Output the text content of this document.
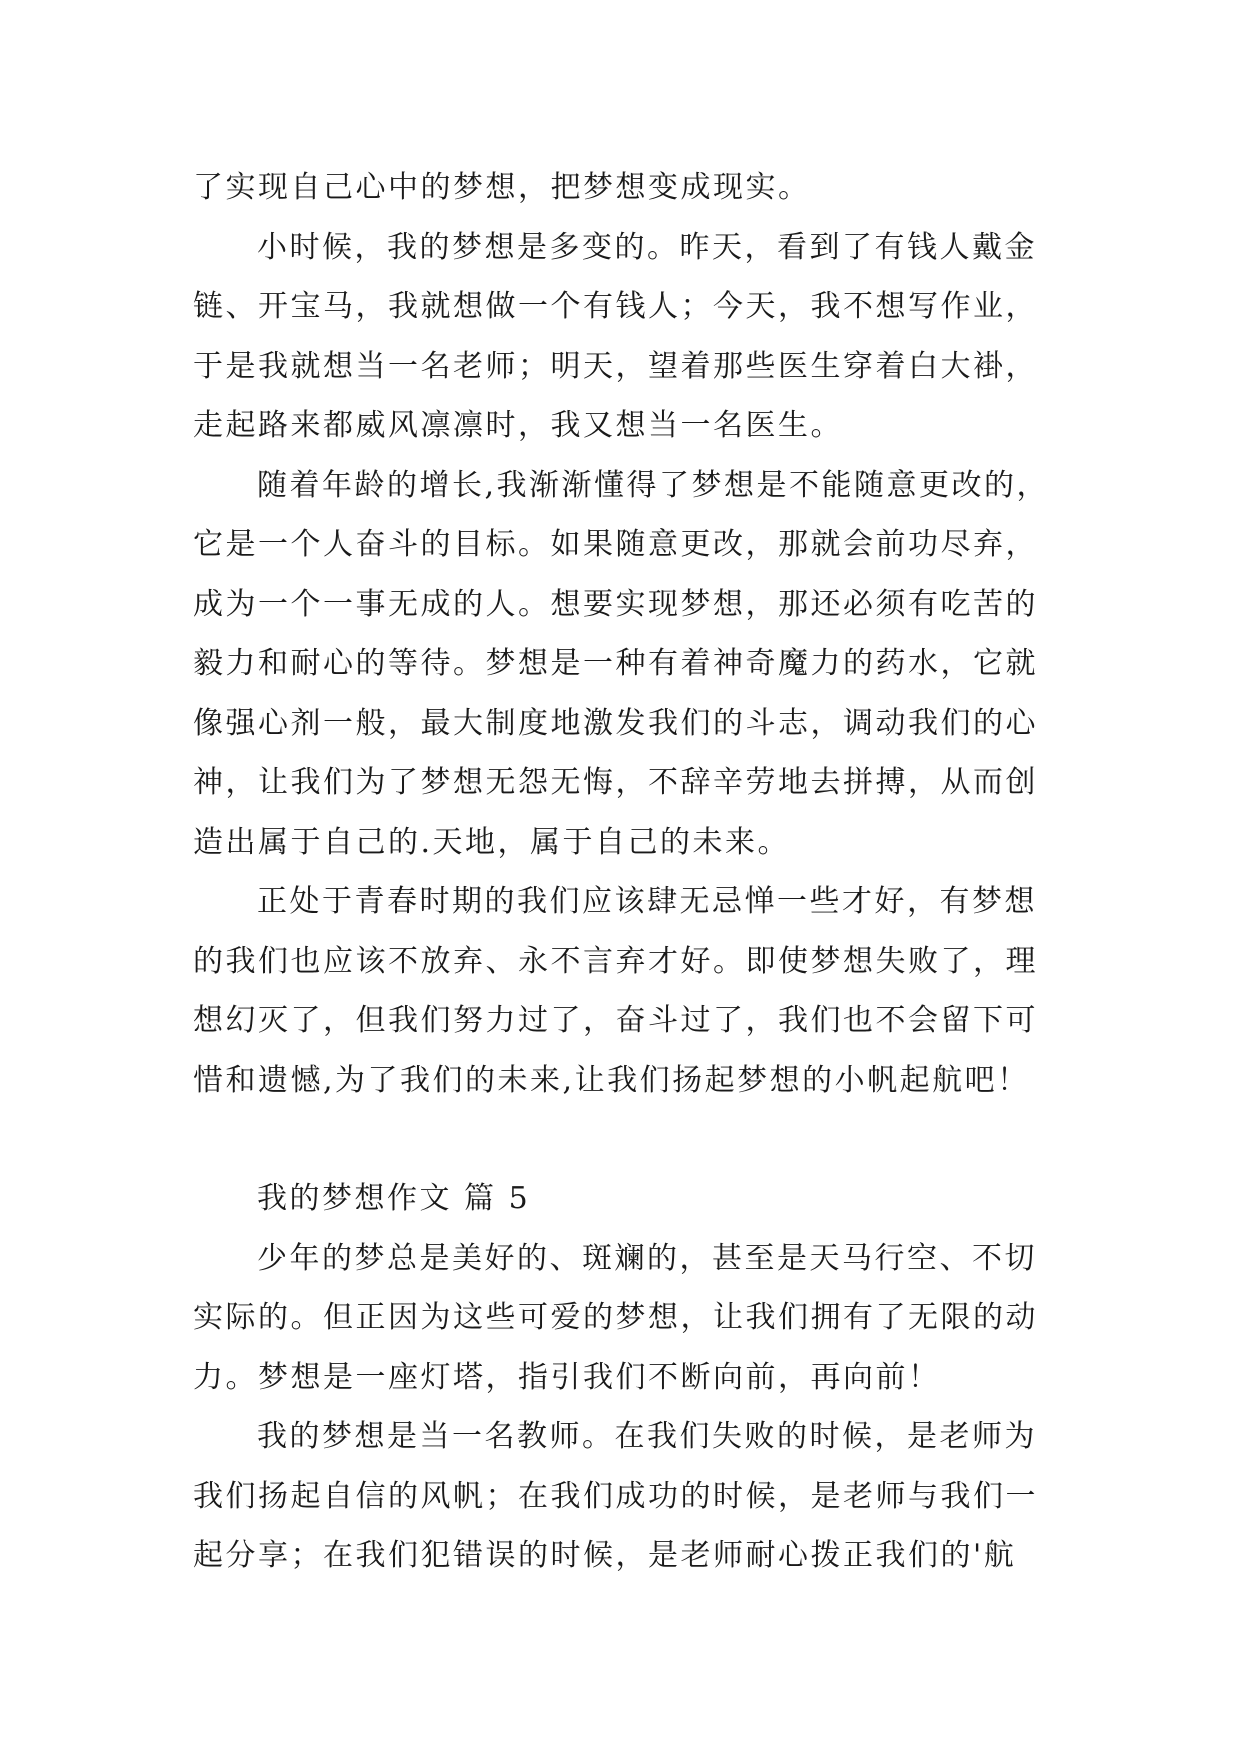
了实现自己心中的梦想，把梦想变成现实。
小时候，我的梦想是多变的。昨天，看到了有钱人戴金
链、开宝马，我就想做一个有钱人；今天，我不想写作业，
于是我就想当一名老师；明天，望着那些医生穿着白大褂，
走起路来都威风凛凛时，我又想当一名医生。
随着年龄的增长,我渐渐懂得了梦想是不能随意更改的，
它是一个人奋斗的目标。如果随意更改，那就会前功尽弃，
成为一个一事无成的人。想要实现梦想，那还必须有吃苦的
毅力和耐心的等待。梦想是一种有着神奇魔力的药水，它就
像强心剂一般，最大制度地激发我们的斗志，调动我们的心
神，让我们为了梦想无怨无悔，不辞辛劳地去拼搏，从而创
造出属于自己的.天地，属于自己的未来。
正处于青春时期的我们应该肆无忌惮一些才好，有梦想
的我们也应该不放弃、永不言弃才好。即使梦想失败了，理
想幻灭了，但我们努力过了，奋斗过了，我们也不会留下可
惜和遗憾,为了我们的未来,让我们扬起梦想的小帆起航吧！
我的梦想作文 篇 5
少年的梦总是美好的、斑斓的，甚至是天马行空、不切
实际的。但正因为这些可爱的梦想，让我们拥有了无限的动
力。梦想是一座灯塔，指引我们不断向前，再向前！
我的梦想是当一名教师。在我们失败的时候，是老师为
我们扬起自信的风帆；在我们成功的时候，是老师与我们一
起分享；在我们犯错误的时候，是老师耐心拨正我们的'航
